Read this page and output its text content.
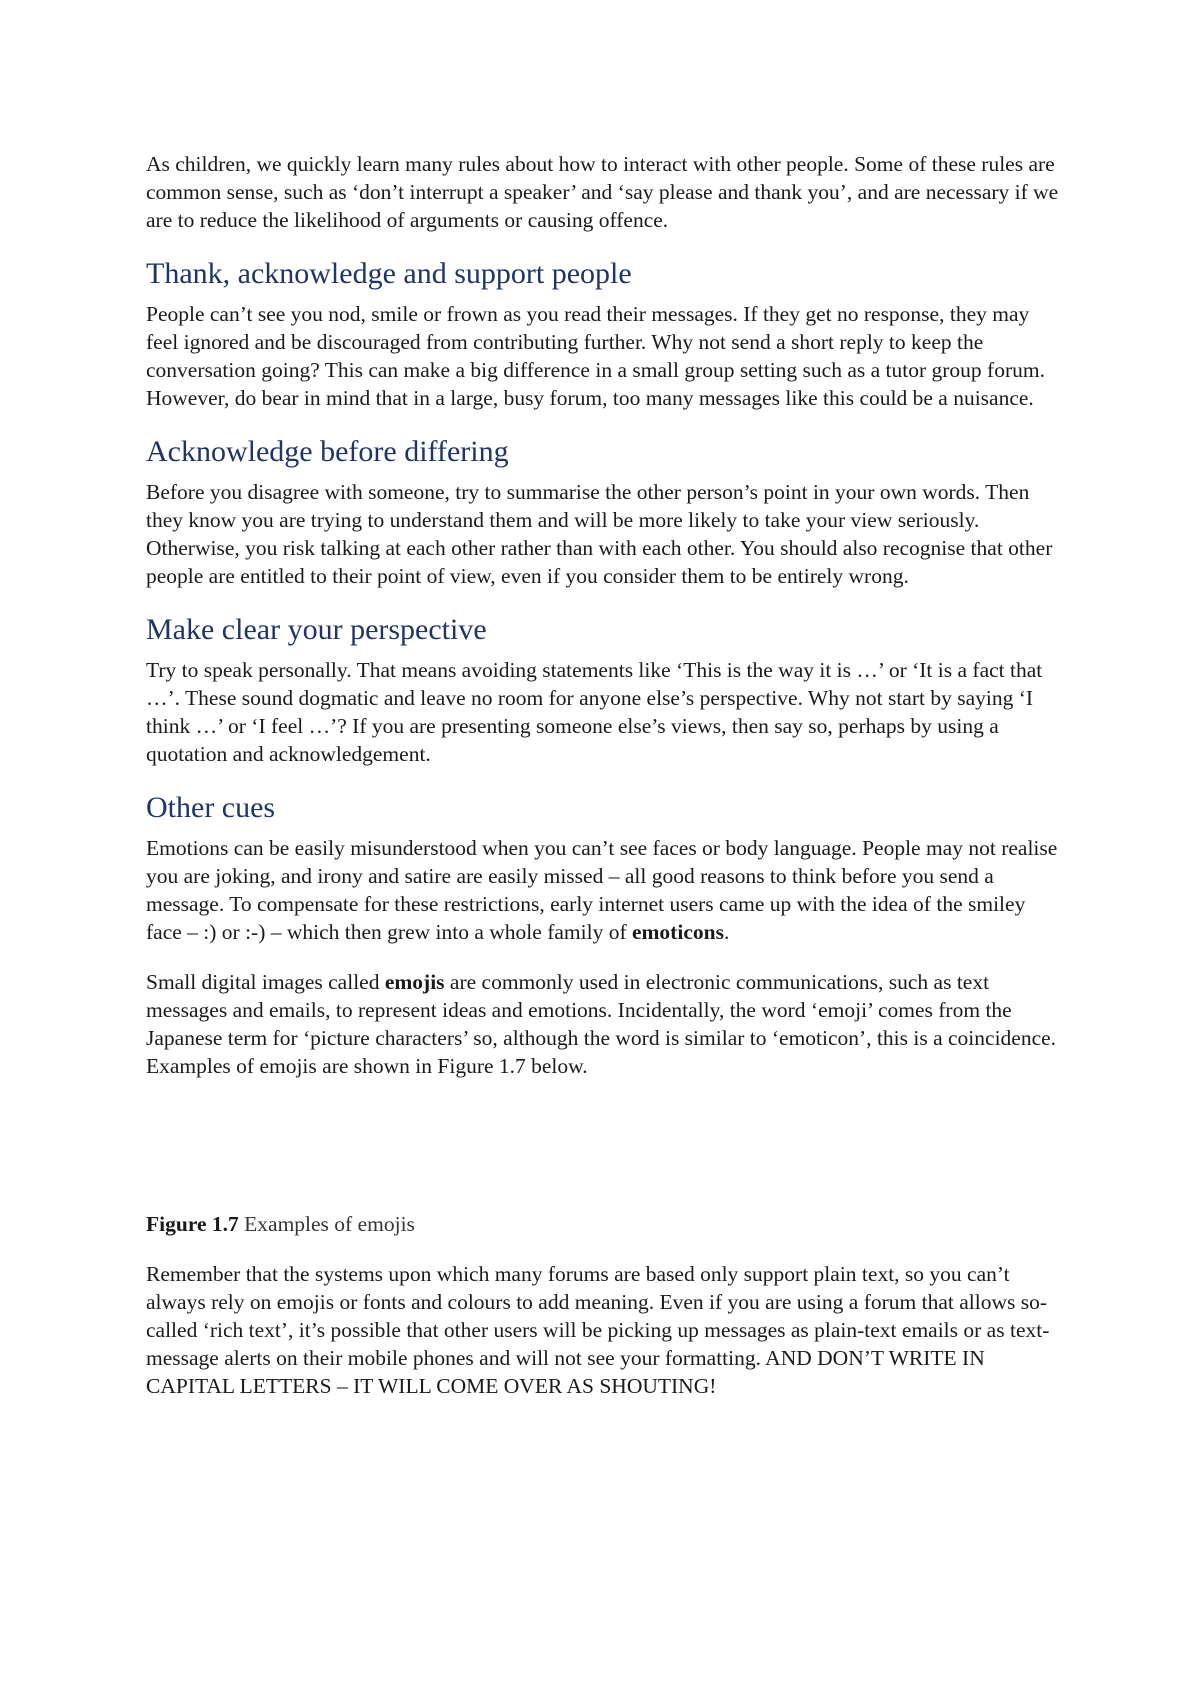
As children, we quickly learn many rules about how to interact with other people. Some of these rules are common sense, such as ‘don’t interrupt a speaker’ and ‘say please and thank you’, and are necessary if we are to reduce the likelihood of arguments or causing offence.

Thank, acknowledge and support people

People can’t see you nod, smile or frown as you read their messages. If they get no response, they may feel ignored and be discouraged from contributing further. Why not send a short reply to keep the conversation going? This can make a big difference in a small group setting such as a tutor group forum. However, do bear in mind that in a large, busy forum, too many messages like this could be a nuisance.

Acknowledge before differing

Before you disagree with someone, try to summarise the other person’s point in your own words. Then they know you are trying to understand them and will be more likely to take your view seriously. Otherwise, you risk talking at each other rather than with each other. You should also recognise that other people are entitled to their point of view, even if you consider them to be entirely wrong.

Make clear your perspective

Try to speak personally. That means avoiding statements like ‘This is the way it is …’ or ‘It is a fact that …’. These sound dogmatic and leave no room for anyone else’s perspective. Why not start by saying ‘I think …’ or ‘I feel …’? If you are presenting someone else’s views, then say so, perhaps by using a quotation and acknowledgement.

Other cues

Emotions can be easily misunderstood when you can’t see faces or body language. People may not realise you are joking, and irony and satire are easily missed – all good reasons to think before you send a message. To compensate for these restrictions, early internet users came up with the idea of the smiley face – :) or :-) – which then grew into a whole family of emoticons.

Small digital images called emojis are commonly used in electronic communications, such as text messages and emails, to represent ideas and emotions. Incidentally, the word ‘emoji’ comes from the Japanese term for ‘picture characters’ so, although the word is similar to ‘emoticon’, this is a coincidence. Examples of emojis are shown in Figure 1.7 below.

Figure 1.7 Examples of emojis

Remember that the systems upon which many forums are based only support plain text, so you can’t always rely on emojis or fonts and colours to add meaning. Even if you are using a forum that allows so-called ‘rich text’, it’s possible that other users will be picking up messages as plain-text emails or as text-message alerts on their mobile phones and will not see your formatting. AND DON’T WRITE IN CAPITAL LETTERS – IT WILL COME OVER AS SHOUTING!
